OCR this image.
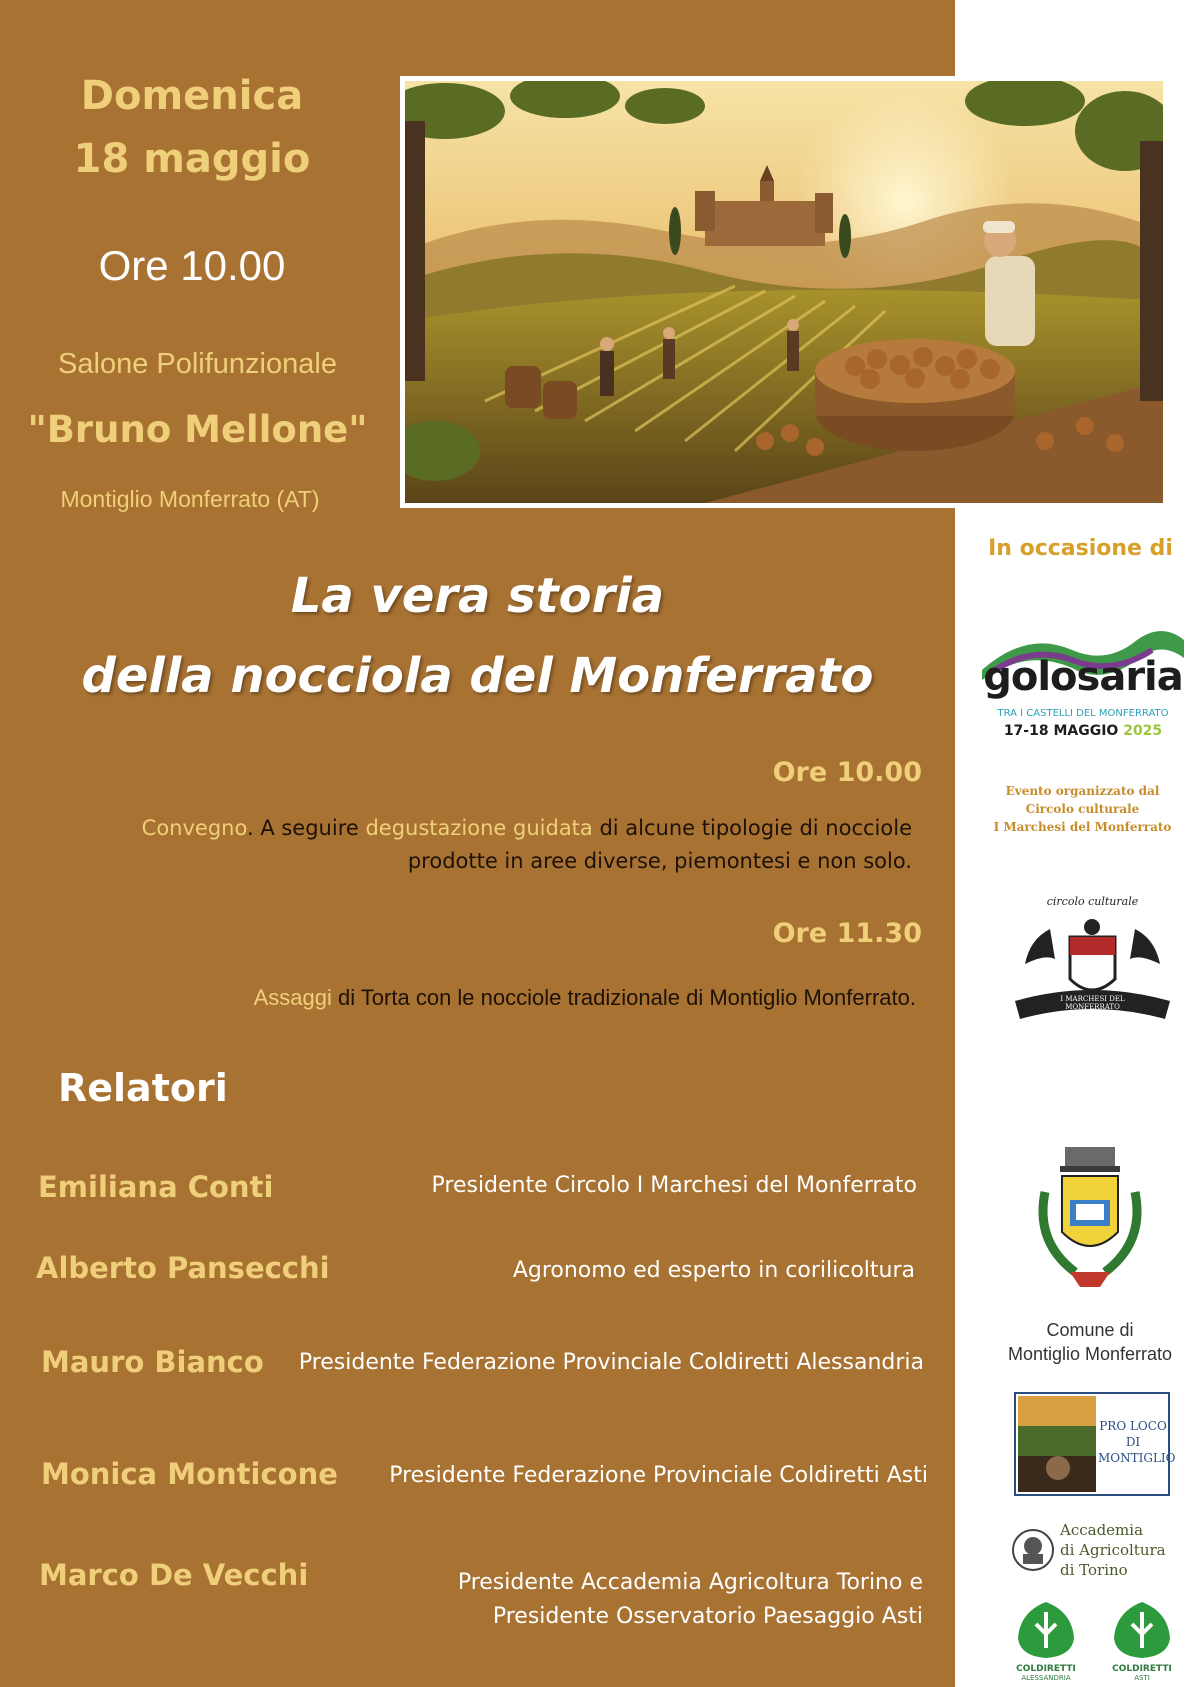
Domenica
18 maggio
Ore 10.00
Salone Polifunzionale
"Bruno Mellone"
Montiglio Monferrato (AT)
La vera storia
della nocciola del Monferrato
Ore 10.00
Convegno. A seguire degustazione guidata di alcune tipologie di nocciole
prodotte in aree diverse, piemontesi e non solo.
Ore 11.30
Assaggi di Torta con le nocciole tradizionale di Montiglio Monferrato.
Relatori
Emiliana Conti	Presidente Circolo I Marchesi del Monferrato
Alberto Pansecchi	Agronomo ed esperto in corilicoltura
Mauro Bianco	Presidente Federazione Provinciale Coldiretti Alessandria
Monica Monticone	Presidente Federazione Provinciale Coldiretti Asti
Marco De Vecchi	Presidente Accademia Agricoltura Torino e
Presidente Osservatorio Paesaggio Asti
In occasione di
golosaria
TRA I CASTELLI DEL MONFERRATO
17-18 MAGGIO 2025
Evento organizzato dal
Circolo culturale
I Marchesi del Monferrato
circolo culturale
I MARCHESI DEL MONFERRATO
Comune di
Montiglio Monferrato
PRO LOCO
DI
MONTIGLIO
Accademia
di Agricoltura
di Torino
COLDIRETTI
ALESSANDRIA
COLDIRETTI
ASTI
